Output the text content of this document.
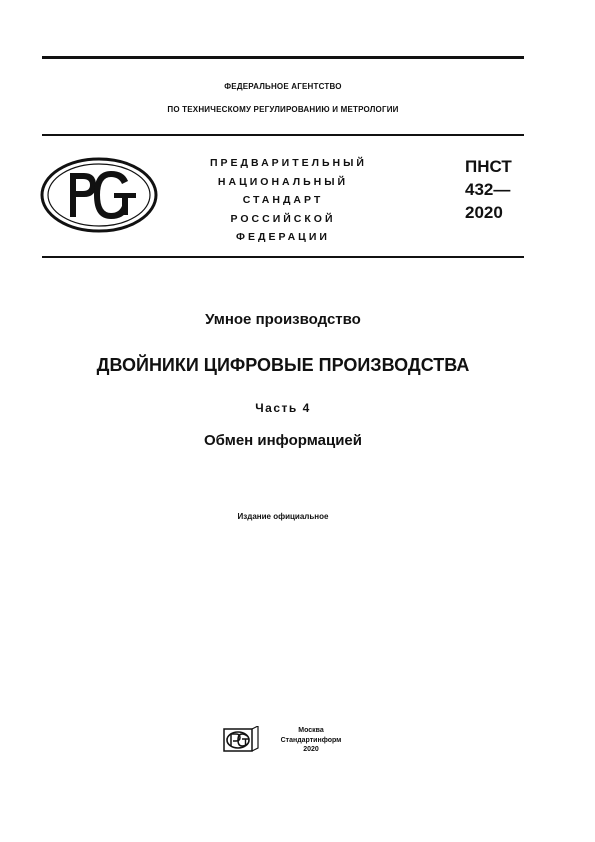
ФЕДЕРАЛЬНОЕ АГЕНТСТВО
ПО ТЕХНИЧЕСКОМУ РЕГУЛИРОВАНИЮ И МЕТРОЛОГИИ
ПРЕДВАРИТЕЛЬНЫЙ
НАЦИОНАЛЬНЫЙ
СТАНДАРТ
РОССИЙСКОЙ
ФЕДЕРАЦИИ
ПНСТ
432—
2020
Умное производство
ДВОЙНИКИ ЦИФРОВЫЕ ПРОИЗВОДСТВА
Часть 4
Обмен информацией
Издание официальное
Москва
Стандартинформ
2020
